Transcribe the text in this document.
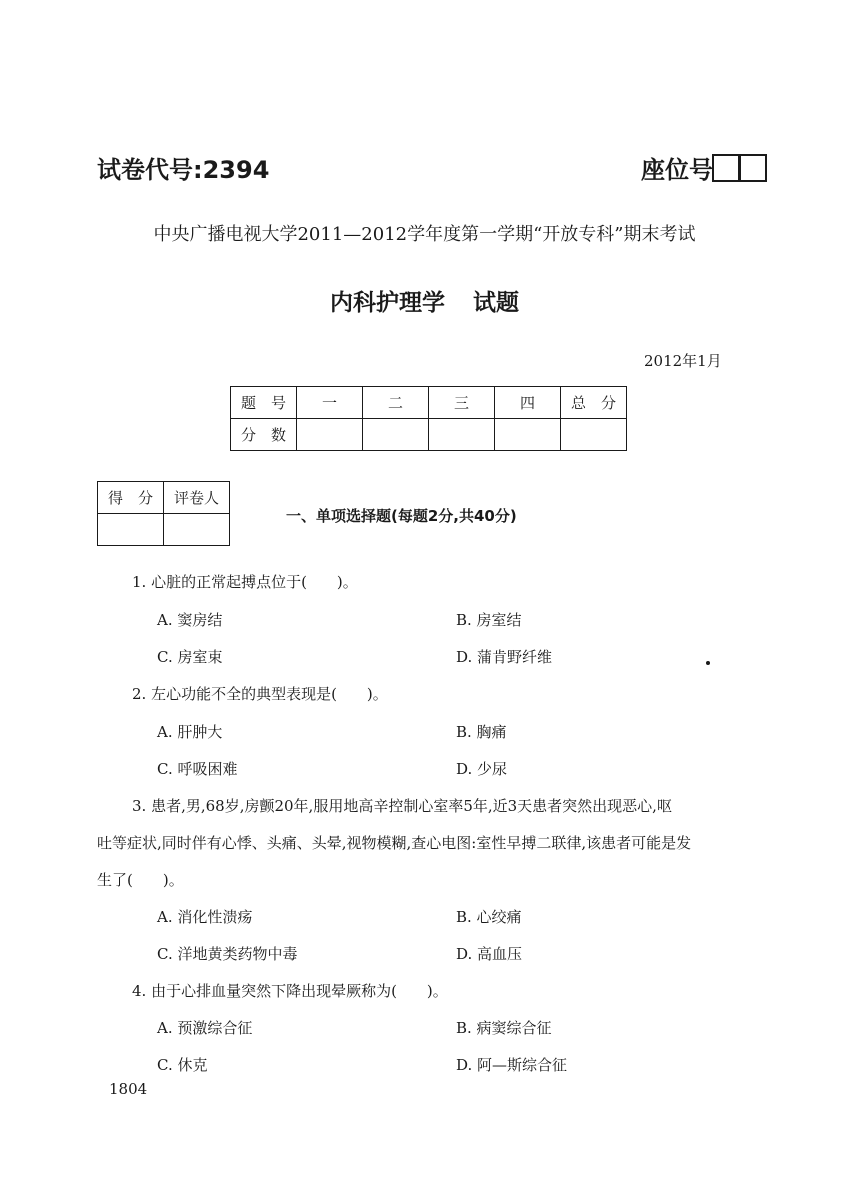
试卷代号:2394	座位号
中央广播电视大学2011—2012学年度第一学期“开放专科”期末考试
内科护理学 试题
2012年1月
题　号	一	二	三	四	总　分
分　数					
得　分	评卷人

一、单项选择题(每题2分,共40分)
1. 心脏的正常起搏点位于(　　)。
A. 窦房结	B. 房室结
C. 房室束	D. 蒲肯野纤维
2. 左心功能不全的典型表现是(　　)。
A. 肝肿大	B. 胸痛
C. 呼吸困难	D. 少尿
3. 患者,男,68岁,房颤20年,服用地高辛控制心室率5年,近3天患者突然出现恶心,呕
吐等症状,同时伴有心悸、头痛、头晕,视物模糊,查心电图:室性早搏二联律,该患者可能是发
生了(　　)。
A. 消化性溃疡	B. 心绞痛
C. 洋地黄类药物中毒	D. 高血压
4. 由于心排血量突然下降出现晕厥称为(　　)。
A. 预激综合征	B. 病窦综合征
C. 休克	D. 阿—斯综合征
1804
